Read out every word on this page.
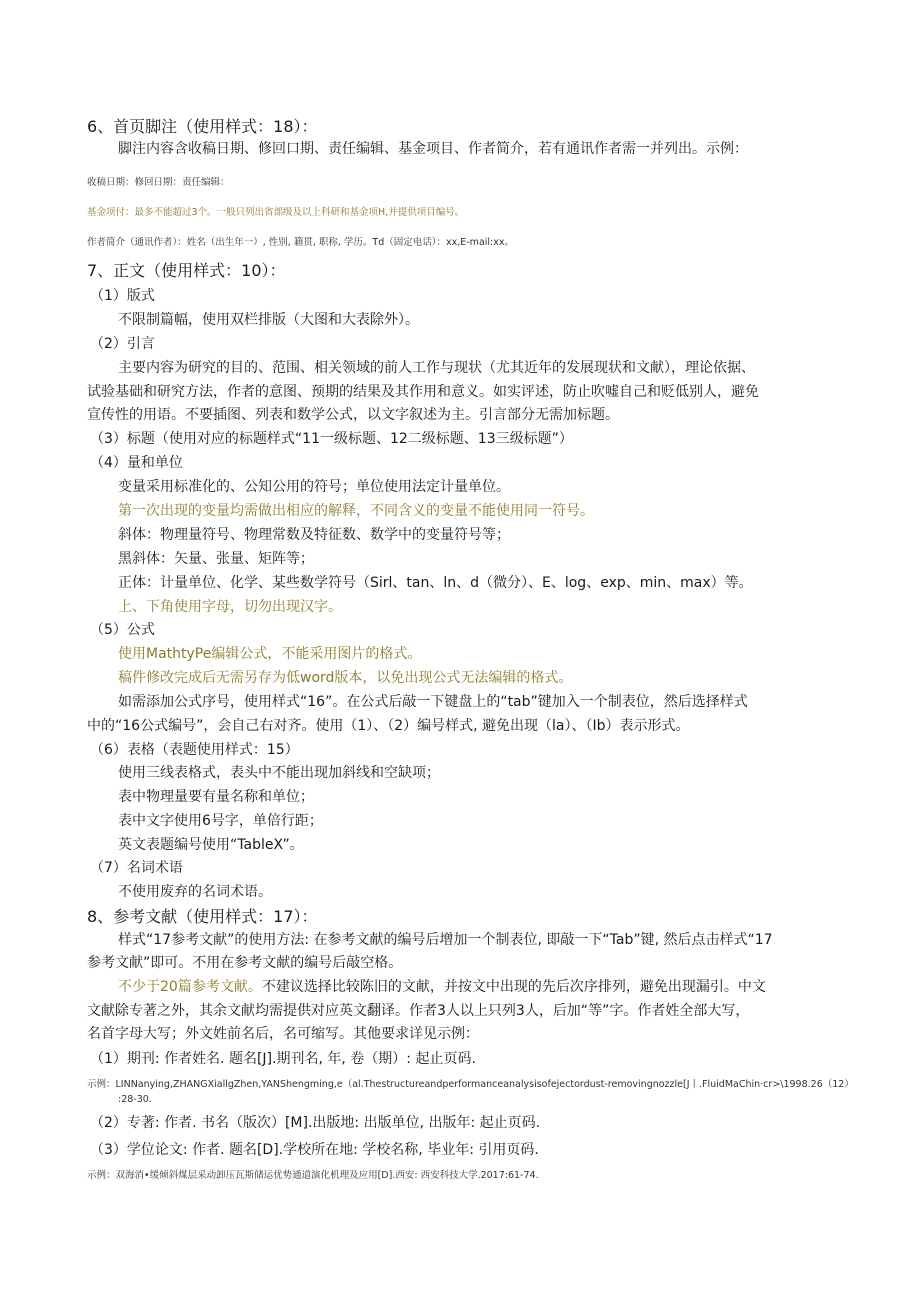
6、首页脚注（使用样式：18）：
脚注内容含收稿日期、修回口期、责任编辑、基金项目、作者简介，若有通讯作者需一并列出。示例：
收稿日期：修回日期：责任编辑：
基金项付：最多不能超过3个。一般只列出省部级及以上科研和基金项H,并提供项目编号。
作者简介（通讯作者）：姓名（出生年一）, 性别, 籍贯, 职称, 学历。Td（固定电话）：xx,E-mail:xx。
7、正文（使用样式：10）：
（1）版式
不限制篇幅，使用双栏排版（大图和大表除外）。
（2）引言
主要内容为研究的目的、范围、相关领域的前人工作与现状（尤其近年的发展现状和文献），理论依据、
试验基础和研究方法，作者的意图、预期的结果及其作用和意义。如实评述，防止吹嘘自己和贬低别人，避免
宣传性的用语。不要插图、列表和数学公式，以文字叙述为主。引言部分无需加标题。
（3）标题（使用对应的标题样式“11一级标题、12二级标题、13三级标题”）
（4）量和单位
变量采用标准化的、公知公用的符号；单位使用法定计量单位。
第一次出现的变量均需做出相应的解释，不同含义的变量不能使用同一符号。
斜体：物理量符号、物理常数及特征数、数学中的变量符号等；
黑斜体：矢量、张量、矩阵等；
正体：计量单位、化学、某些数学符号（Sirl、tan、ln、d（微分）、E、log、exp、min、max）等。
上、下角使用字母，切勿出现汉字。
（5）公式
使用MathtyPe编辑公式，不能采用图片的格式。
稿件修改完成后无需另存为低word版本，以免出现公式无法编辑的格式。
如需添加公式序号，使用样式“16”。在公式后敲一下键盘上的“tab”键加入一个制表位，然后选择样式
中的“16公式编号”，会自己右对齐。使用（1）、（2）编号样式, 避免出现（la）、（Ib）表示形式。
（6）表格（表题使用样式：15）
使用三线表格式，表头中不能出现加斜线和空缺项；
表中物理量要有量名称和单位；
表中文字使用6号字，单倍行距；
英文表题编号使用“TableX”。
（7）名词术语
不使用废弃的名词术语。
8、参考文献（使用样式：17）：
样式“17参考文献”的使用方法: 在参考文献的编号后增加一个制表位, 即敲一下“Tab”键, 然后点击样式“17
参考文献”即可。不用在参考文献的编号后敲空格。
不少于20篇参考文献。不建议选择比较陈旧的文献，并按文中出现的先后次序排列，避免出现漏引。中文
文献除专著之外，其余文献均需提供对应英文翻译。作者3人以上只列3人，后加“等”字。作者姓全部大写，
名首字母大写；外文姓前名后，名可缩写。其他要求详见示例：
（1）期刊: 作者姓名. 题名[J].期刊名, 年, 卷（期）: 起止页码.
示例：LINNanying,ZHANGXiallgZhen,YANShengming,e（al.Thestructureandperformanceanalysisofejectordust-removingnozzle[J丨.FluidMaChin·cr>\1998.26（12）
:28-30.
（2）专著: 作者. 书名（版次）[M].出版地: 出版单位, 出版年: 起止页码.
（3）学位论文: 作者. 题名[D].学校所在地: 学校名称, 毕业年: 引用页码.
示例：双海消•缓倾斜煤层采动卸压瓦斯储运优势通道演化机理及应用[D].西安: 西安科技大学.2017:61-74.
